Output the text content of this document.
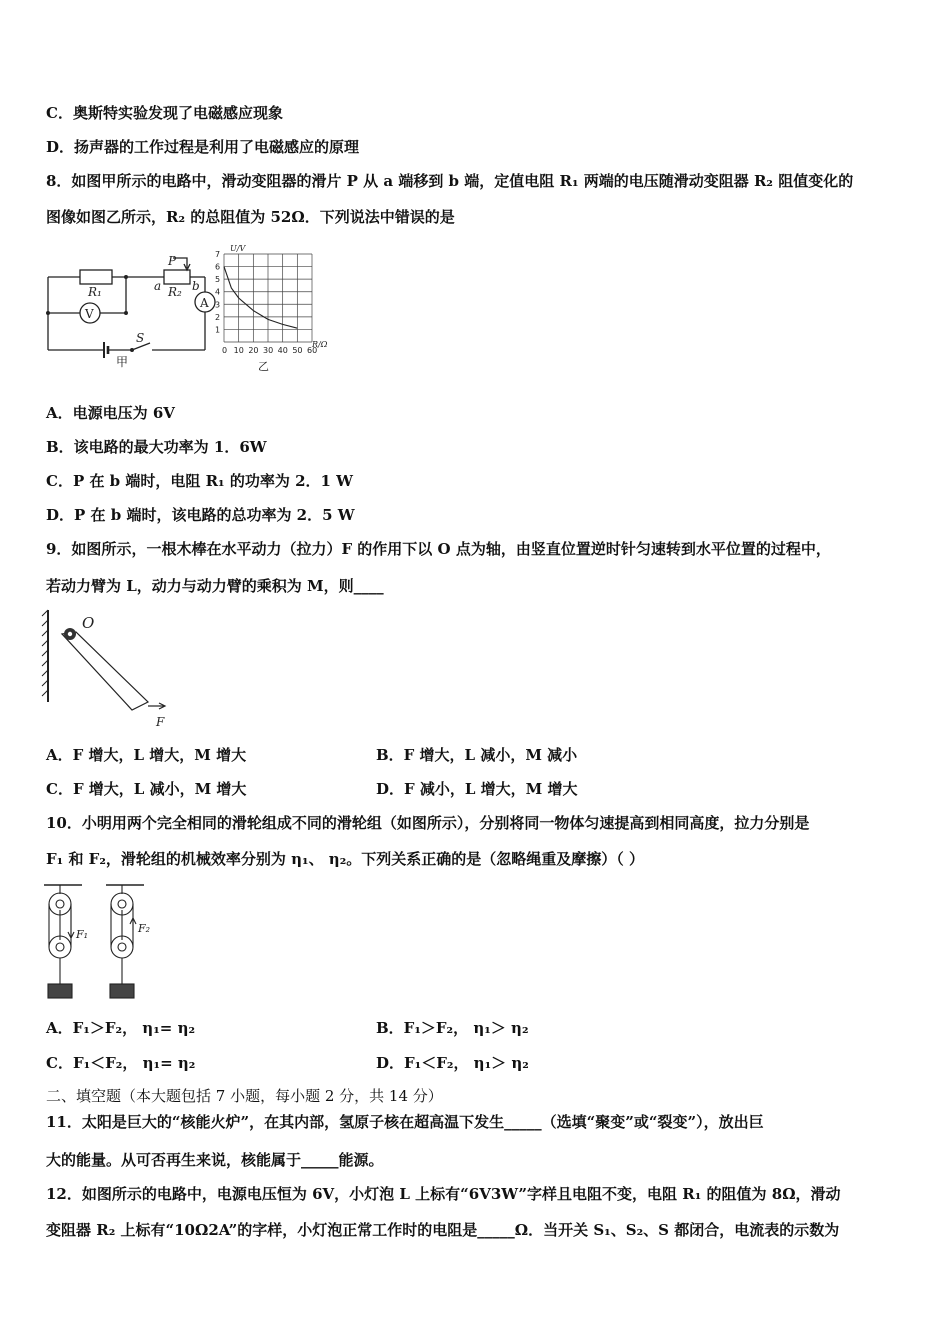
C．奥斯特实验发现了电磁感应现象
D．扬声器的工作过程是利用了电磁感应的原理
8．如图甲所示的电路中，滑动变阻器的滑片 P 从 a 端移到 b 端，定值电阻 R₁ 两端的电压随滑动变阻器 R₂ 阻值变化的
图像如图乙所示，R₂ 的总阻值为 52Ω．下列说法中错误的是
R₁	R₂
P
a	b
A
V
S
甲
1
2
3
4
5
6
7
0 10 20 30 40 50 60
U/V
R/Ω
乙
A．电源电压为 6V
B．该电路的最大功率为 1．6W
C．P 在 b 端时，电阻 R₁ 的功率为 2．1 W
D．P 在 b 端时，该电路的总功率为 2．5 W
9．如图所示，一根木棒在水平动力（拉力）F 的作用下以 O 点为轴，由竖直位置逆时针匀速转到水平位置的过程中，
若动力臂为 L，动力与动力臂的乘积为 M，则____
O
F
A．F 增大，L 增大，M 增大	B．F 增大，L 减小，M 减小
C．F 增大，L 减小，M 增大	D．F 减小，L 增大，M 增大
10．小明用两个完全相同的滑轮组成不同的滑轮组（如图所示），分别将同一物体匀速提高到相同高度，拉力分别是
F₁ 和 F₂，滑轮组的机械效率分别为 η₁、 η₂。下列关系正确的是（忽略绳重及摩擦）（ ）
F₁	F₂
A．F₁＞F₂， η₁= η₂	B．F₁＞F₂， η₁＞ η₂
C．F₁＜F₂， η₁= η₂	D．F₁＜F₂， η₁＞ η₂
二、填空题（本大题包括 7 小题，每小题 2 分，共 14 分）
11．太阳是巨大的“核能火炉”，在其内部，氢原子核在超高温下发生_____（选填“聚变”或“裂变”），放出巨
大的能量。从可否再生来说，核能属于_____能源。
12．如图所示的电路中，电源电压恒为 6V，小灯泡 L 上标有“6V3W”字样且电阻不变，电阻 R₁ 的阻值为 8Ω，滑动
变阻器 R₂ 上标有“10Ω2A”的字样，小灯泡正常工作时的电阻是_____Ω．当开关 S₁、S₂、S 都闭合，电流表的示数为
